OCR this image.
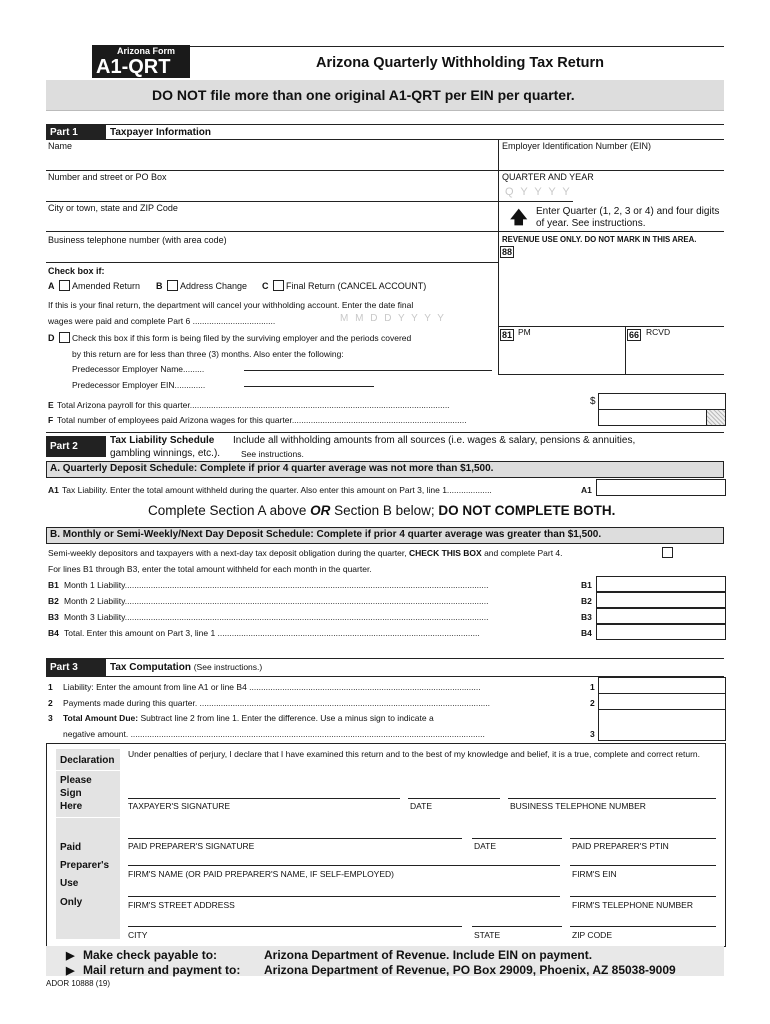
Arizona Form
A1-QRT	Arizona Quarterly Withholding Tax Return
DO NOT file more than one original A1-QRT per EIN per quarter.
Part 1	Taxpayer Information
Name	Employer Identification Number (EIN)
Number and street or PO Box	QUARTER AND YEAR
Q Y Y Y Y
City or town, state and ZIP Code	🡅 Enter Quarter (1, 2, 3 or 4) and four digits of year. See instructions.
Business telephone number (with area code)	REVENUE USE ONLY. DO NOT MARK IN THIS AREA.
88
Check box if:
A Amended Return B Address Change C Final Return (CANCEL ACCOUNT)
If this is your final return, the department will cancel your withholding account. Enter the date final
wages were paid and complete Part 6 ...................................	M M D D Y Y Y Y
D Check this box if this form is being filed by the surviving employer and the periods covered
by this return are for less than three (3) months. Also enter the following:
Predecessor Employer Name.........
Predecessor Employer EIN.............
81 PM	66 RCVD
E Total Arizona payroll for this quarter..............................................................................................................	$
F Total number of employees paid Arizona wages for this quarter..........................................................................
Part 2
Tax Liability Schedule Include all withholding amounts from all sources (i.e. wages & salary, pensions & annuities,
gambling winnings, etc.). See instructions.
A. Quarterly Deposit Schedule: Complete if prior 4 quarter average was not more than $1,500.
A1 Tax Liability. Enter the total amount withheld during the quarter. Also enter this amount on Part 3, line 1...................	A1
Complete Section A above OR Section B below; DO NOT COMPLETE BOTH.
B. Monthly or Semi-Weekly/Next Day Deposit Schedule: Complete if prior 4 quarter average was greater than $1,500.
Semi-weekly depositors and taxpayers with a next-day tax deposit obligation during the quarter, CHECK THIS BOX and complete Part 4.
For lines B1 through B3, enter the total amount withheld for each month in the quarter.
B1 Month 1 Liability..........................................................................................................................................................	B1
B2 Month 2 Liability..........................................................................................................................................................	B2
B3 Month 3 Liability..........................................................................................................................................................	B3
B4 Total. Enter this amount on Part 3, line 1 ...............................................................................................................	B4
Part 3	Tax Computation (See instructions.)
1 Liability: Enter the amount from line A1 or line B4 ..................................................................................................	1
2 Payments made during this quarter. ...........................................................................................................................	2
3 Total Amount Due: Subtract line 2 from line 1. Enter the difference. Use a minus sign to indicate a
negative amount. ......................................................................................................................................................	3
Declaration
Under penalties of perjury, I declare that I have examined this return and to the best of my knowledge and belief, it is a true, complete and correct return.
Please
Sign
Here	TAXPAYER'S SIGNATURE	DATE	BUSINESS TELEPHONE NUMBER
Paid
Preparer's
Use
Only
PAID PREPARER'S SIGNATURE	DATE	PAID PREPARER'S PTIN
FIRM'S NAME (OR PAID PREPARER'S NAME, IF SELF-EMPLOYED)	FIRM'S EIN
FIRM'S STREET ADDRESS	FIRM'S TELEPHONE NUMBER
CITY	STATE	ZIP CODE
▶ Make check payable to:	Arizona Department of Revenue. Include EIN on payment.
▶ Mail return and payment to: Arizona Department of Revenue, PO Box 29009, Phoenix, AZ 85038-9009
ADOR 10888 (19)
